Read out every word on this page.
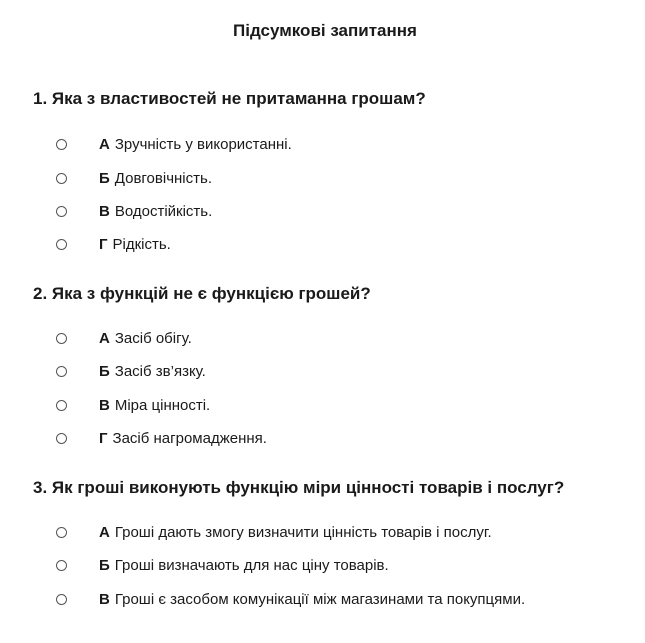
Підсумкові запитання
1. Яка з властивостей не притаманна грошам?
А Зручність у використанні.
Б Довговічність.
В Водостійкість.
Г Рідкість.
2. Яка з функцій не є функцією грошей?
А Засіб обігу.
Б Засіб зв’язку.
В Міра цінності.
Г Засіб нагромадження.
3. Як гроші виконують функцію міри цінності товарів і послуг?
А Гроші дають змогу визначити цінність товарів і послуг.
Б Гроші визначають для нас ціну товарів.
В Гроші є засобом комунікації між магазинами та покупцями.
